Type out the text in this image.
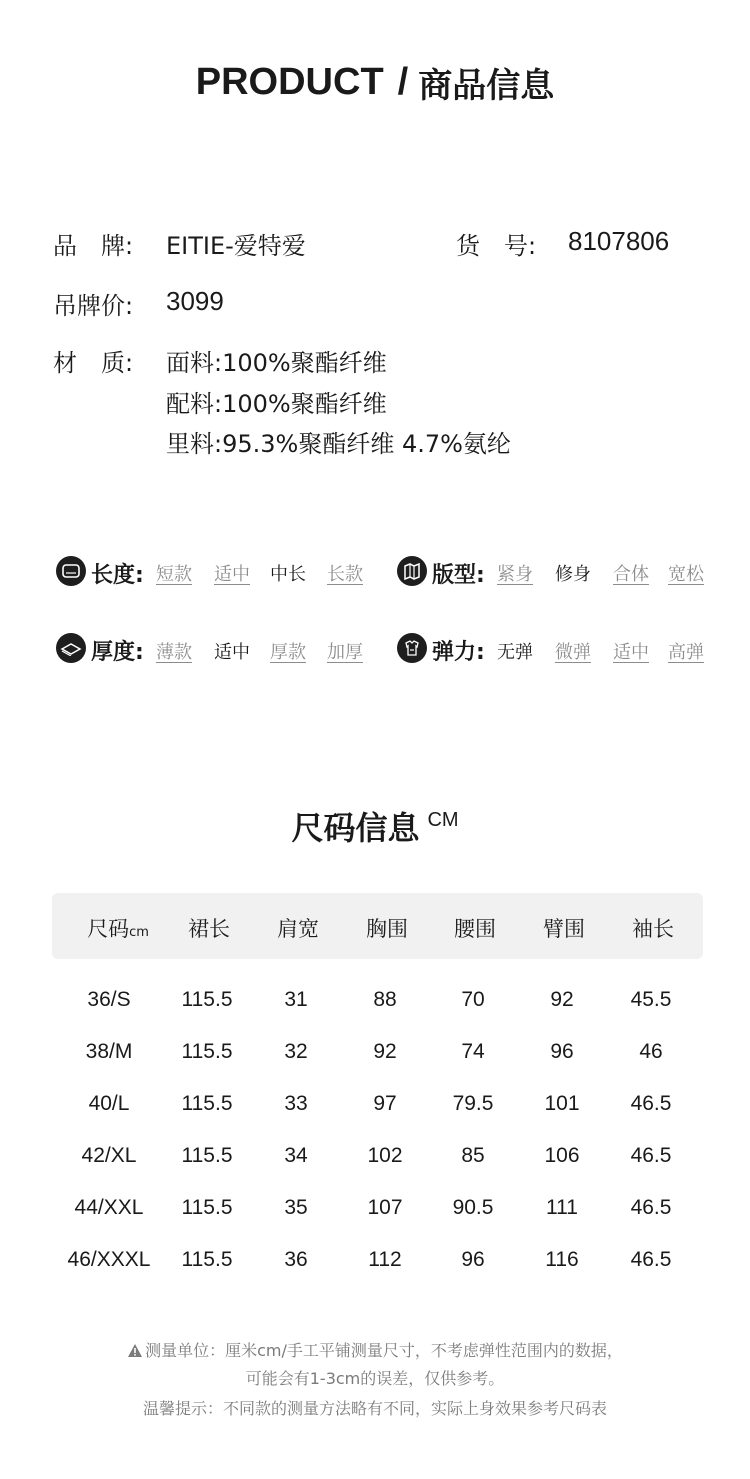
PRODUCT / 商品信息
品　牌: EITIE-爱特爱	货　号: 8107806
吊牌价: 3099
材　质: 面料:100%聚酯纤维
配料:100%聚酯纤维
里料:95.3%聚酯纤维 4.7%氨纶
长度: 短款 适中 中长 长款	版型: 紧身 修身 合体 宽松
厚度: 薄款 适中 厚款 加厚	弹力: 无弹 微弹 适中 高弹
尺码信息 CM
尺码cm 裙长 肩宽 胸围 腰围 臂围 袖长
36/S 115.5 31	88	70	92	45.5
38/M 115.5 32	92	74	96	46
40/L 115.5 33	97	79.5 101 46.5
42/XL 115.5 34	102	85	106 46.5
44/XXL 115.5 35	107 90.5	111	46.5
46/XXXL 115.5 36	112	96	116 46.5
测量单位：厘米cm/手工平铺测量尺寸，不考虑弹性范围内的数据，
可能会有1-3cm的误差，仅供参考。
温馨提示：不同款的测量方法略有不同，实际上身效果参考尺码表
